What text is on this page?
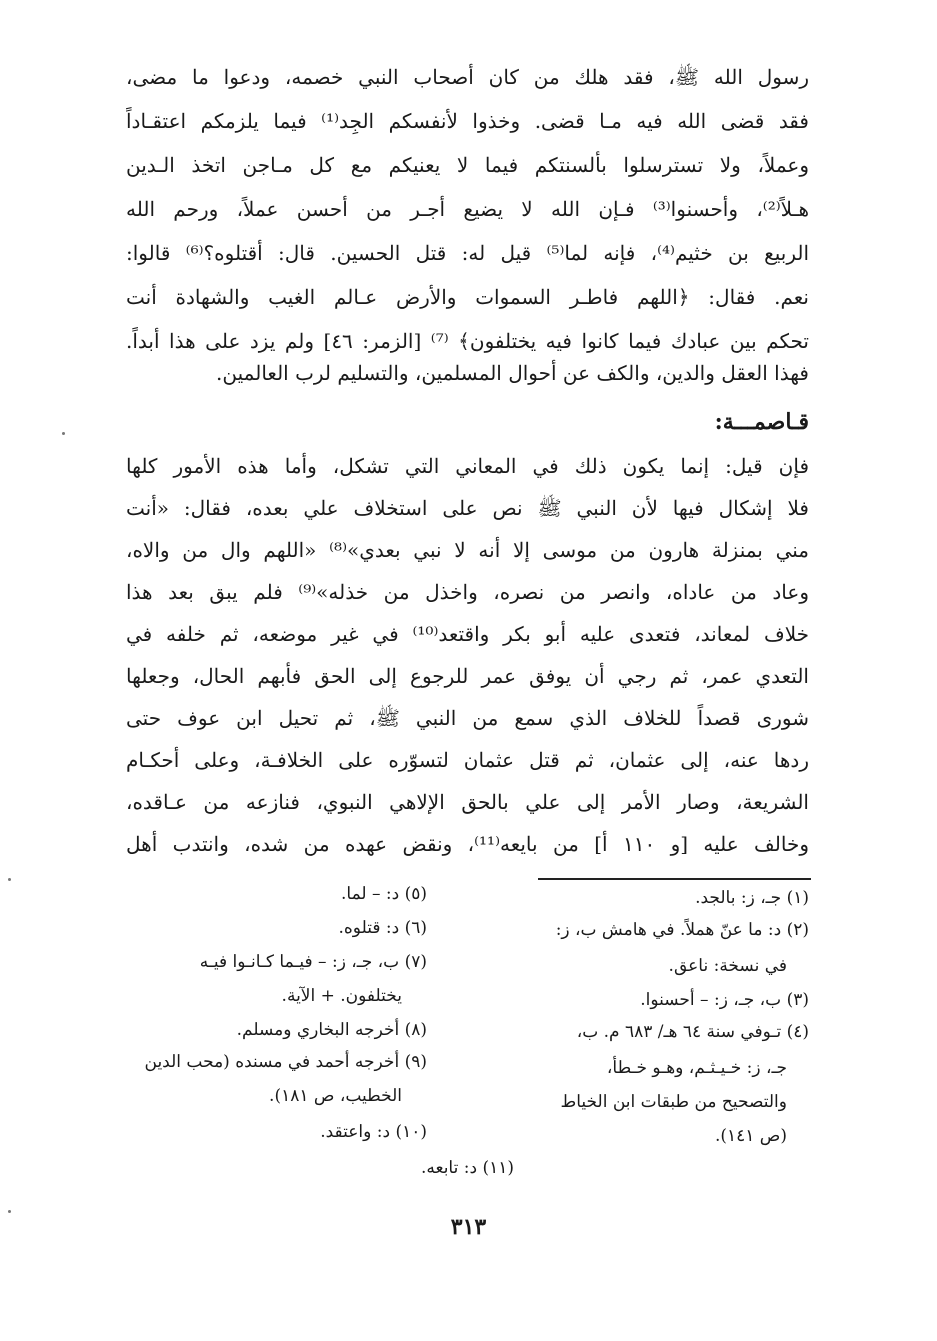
رسول الله ﷺ، فقد هلك من كان أصحاب النبي خصمه، ودعوا ما مضى،
فقد قضى الله فيه مـا قضى. وخذوا لأنفسكم الجِد⁽¹⁾ فيما يلزمكم اعتقـاداً
وعملاً، ولا تسترسلوا بألسنتكم فيما لا يعنيكم مع كل مـاجن اتخذ الـدين
هـلاً⁽²⁾، وأحسنوا⁽³⁾ فـإن الله لا يضيع أجـر من أحسن عملاً، ورحم الله
الربيع بن خثيم⁽⁴⁾، فإنه لما⁽⁵⁾ قيل له: قتل الحسين. قال: أقتلوه؟⁽⁶⁾ قالوا:
نعم. فقال: ﴿اللهم فاطـر السموات والأرض عـالم الغيب والشهادة أنت
تحكم بين عبادك فيما كانوا فيه يختلفون﴾ ⁽⁷⁾ [الزمر: ٤٦] ولم يزد على هذا أبداً.
فهذا العقل والدين، والكف عن أحوال المسلمين، والتسليم لرب العالمين.
قـاصمـــة:
فإن قيل: إنما يكون ذلك في المعاني التي تشكل، وأما هذه الأمور كلها
فلا إشكال فيها لأن النبي ﷺ نص على استخلاف علي بعده، فقال: «أنت
مني بمنزلة هارون من موسى إلا أنه لا نبي بعدي»⁽⁸⁾ «اللهم وال من والاه،
وعاد من عاداه، وانصر من نصره، واخذل من خذله»⁽⁹⁾ فلم يبق بعد هذا
خلاف لمعاند، فتعدى عليه أبو بكر واقتعد⁽¹⁰⁾ في غير موضعه، ثم خلفه في
التعدي عمر، ثم رجي أن يوفق عمر للرجوع إلى الحق فأبهم الحال، وجعلها
شورى قصداً للخلاف الذي سمع من النبي ﷺ، ثم تحيل ابن عوف حتى
ردها عنه، إلى عثمان، ثم قتل عثمان لتسوّره على الخلافـة، وعلى أحكـام
الشريعة، وصار الأمر إلى علي بالحق الإلاهي النبوي، فنازعه من عـاقده،
وخالف عليه [و ١١٠ أ] من بايعه⁽¹¹⁾، ونقض عهده من شده، وانتدب أهل
(١) جـ، ز: بالجد.
(٢) د: ما عنّ هملاً. في هامش ب، ز:
في نسخة: ناعق.
(٣) ب، جـ، ز: – أحسنوا.
(٤) تـوفي سنة ٦٤ هـ/ ٦٨٣ م. ب،
جـ، ز: خـيـثـم، وهـو خـطأ،
والتصحيح من طبقات ابن الخياط
(ص ١٤١).
(٥) د: – لما.
(٦) د: قتلوه.
(٧) ب، جـ، ز: – فيـما كـانـوا فيـه
يختلفون. + الآية.
(٨) أخرجه البخاري ومسلم.
(٩) أخرجه أحمد في مسنده (محب الدين
الخطيب، ص ١٨١).
(١٠) د: واعتقد.
(١١) د: تابعه.
٣١٣
